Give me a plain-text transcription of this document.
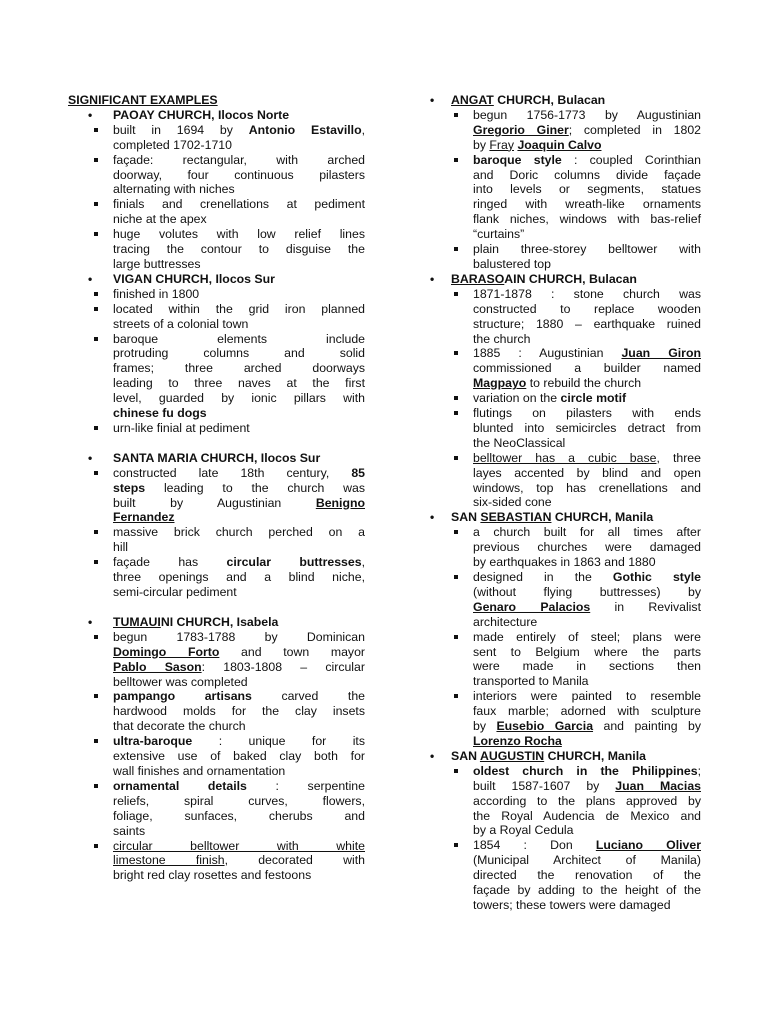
SIGNIFICANT EXAMPLES
• PAOAY CHURCH, Ilocos Norte
built in 1694 by Antonio Estavillo,
completed 1702-1710
façade: rectangular, with arched
doorway, four continuous pilasters
alternating with niches
finials and crenellations at pediment
niche at the apex
huge volutes with low relief lines
tracing the contour to disguise the
large buttresses
• VIGAN CHURCH, Ilocos Sur
finished in 1800
located within the grid iron planned
streets of a colonial town
baroque elements include
protruding columns and solid
frames; three arched doorways
leading to three naves at the first
level, guarded by ionic pillars with
chinese fu dogs
urn-like finial at pediment
• SANTA MARIA CHURCH, Ilocos Sur
constructed late 18th century, 85
steps leading to the church was
built by Augustinian Benigno
Fernandez
massive brick church perched on a
hill
façade has circular buttresses,
three openings and a blind niche,
semi-circular pediment
• TUMAUINI CHURCH, Isabela
begun 1783-1788 by Dominican
Domingo Forto and town mayor
Pablo Sason: 1803-1808 – circular
belltower was completed
pampango artisans carved the
hardwood molds for the clay insets
that decorate the church
ultra-baroque : unique for its
extensive use of baked clay both for
wall finishes and ornamentation
ornamental details : serpentine
reliefs, spiral curves, flowers,
foliage, sunfaces, cherubs and
saints
circular belltower with white
limestone finish, decorated with
bright red clay rosettes and festoons
• ANGAT CHURCH, Bulacan
begun 1756-1773 by Augustinian
Gregorio Giner; completed in 1802
by Fray Joaquin Calvo
baroque style : coupled Corinthian
and Doric columns divide façade
into levels or segments, statues
ringed with wreath-like ornaments
flank niches, windows with bas-relief
“curtains”
plain three-storey belltower with
balustered top
• BARASOAIN CHURCH, Bulacan
1871-1878 : stone church was
constructed to replace wooden
structure; 1880 – earthquake ruined
the church
1885 : Augustinian Juan Giron
commissioned a builder named
Magpayo to rebuild the church
variation on the circle motif
flutings on pilasters with ends
blunted into semicircles detract from
the NeoClassical
belltower has a cubic base, three
layes accented by blind and open
windows, top has crenellations and
six-sided cone
• SAN SEBASTIAN CHURCH, Manila
a church built for all times after
previous churches were damaged
by earthquakes in 1863 and 1880
designed in the Gothic style
(without flying buttresses) by
Genaro Palacios in Revivalist
architecture
made entirely of steel; plans were
sent to Belgium where the parts
were made in sections then
transported to Manila
interiors were painted to resemble
faux marble; adorned with sculpture
by Eusebio Garcia and painting by
Lorenzo Rocha
• SAN AUGUSTIN CHURCH, Manila
oldest church in the Philippines;
built 1587-1607 by Juan Macias
according to the plans approved by
the Royal Audencia de Mexico and
by a Royal Cedula
1854 : Don Luciano Oliver
(Municipal Architect of Manila)
directed the renovation of the
façade by adding to the height of the
towers; these towers were damaged
